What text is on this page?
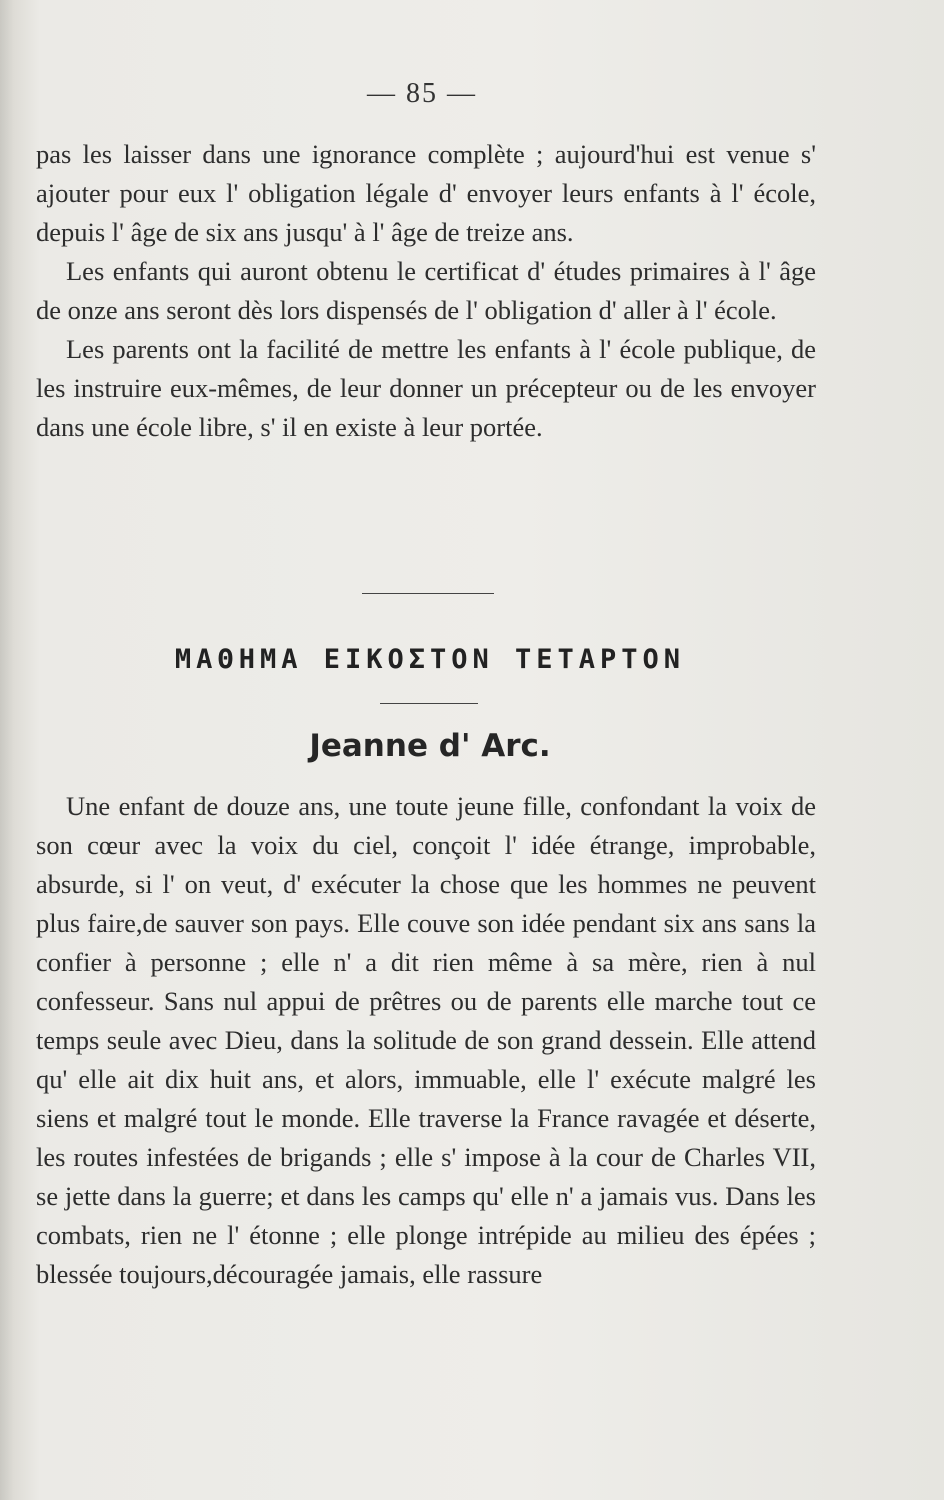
— 85 —

pas les laisser dans une ignorance complète ; aujourd'hui est venue s' ajouter pour eux l' obligation légale d' envoyer leurs enfants à l' école, depuis l' âge de six ans jusqu' à l' âge de treize ans.

Les enfants qui auront obtenu le certificat d' études primaires à l' âge de onze ans seront dès lors dispensés de l' obligation d' aller à l' école.

Les parents ont la facilité de mettre les enfants à l' école publique, de les instruire eux-mêmes, de leur donner un précepteur ou de les envoyer dans une école libre, s' il en existe à leur portée.

ΜΑΘΗΜΑ ΕΙΚΟΣΤΟΝ ΤΕΤΑΡΤΟΝ
Jeanne d' Arc.

Une enfant de douze ans, une toute jeune fille, confondant la voix de son cœur avec la voix du ciel, conçoit l' idée étrange, improbable, absurde, si l' on veut, d' exécuter la chose que les hommes ne peuvent plus faire,de sauver son pays. Elle couve son idée pendant six ans sans la confier à personne ; elle n' a dit rien même à sa mère, rien à nul confesseur. Sans nul appui de prêtres ou de parents elle marche tout ce temps seule avec Dieu, dans la solitude de son grand dessein. Elle attend qu' elle ait dix huit ans, et alors, immuable, elle l' exécute malgré les siens et malgré tout le monde. Elle traverse la France ravagée et déserte, les routes infestées de brigands ; elle s' impose à la cour de Charles VII, se jette dans la guerre; et dans les camps qu' elle n' a jamais vus. Dans les combats, rien ne l' étonne ; elle plonge intrépide au milieu des épées ; blessée toujours,découragée jamais, elle rassure
